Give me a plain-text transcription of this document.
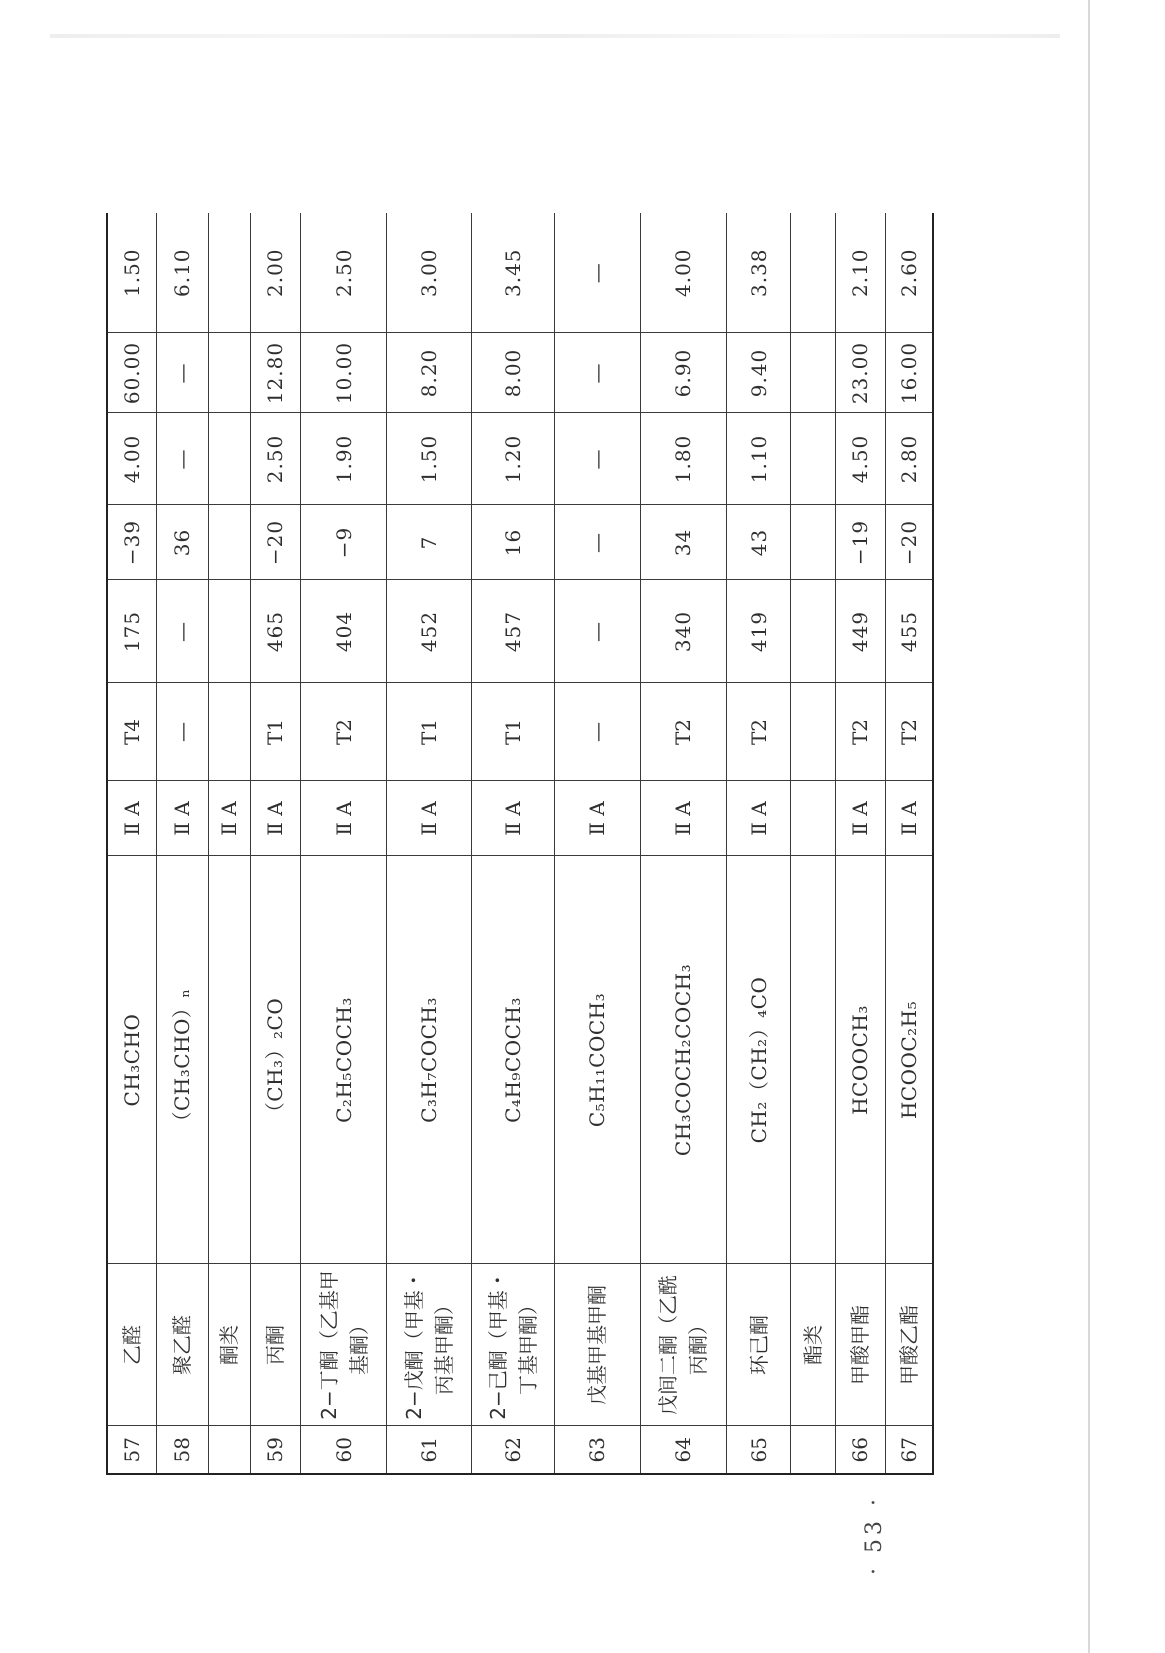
57	乙醛	CH₃CHO	Ⅱ A	T4	175	−39	4.00	60.00	1.50
58	聚乙醛	（CH₃CHO）ₙ	Ⅱ A	—	—	36	—	—	6.10
	酮类		Ⅱ A						
59	丙酮	（CH₃）₂CO	Ⅱ A	T1	465	−20	2.50	12.80	2.00
60	2−丁酮（乙基甲基酮）	C₂H₅COCH₃	Ⅱ A	T2	404	−9	1.90	10.00	2.50
61	2−戊酮（甲基・丙基甲酮）	C₃H₇COCH₃	Ⅱ A	T1	452	7	1.50	8.20	3.00
62	2−己酮（甲基・丁基甲酮）	C₄H₉COCH₃	Ⅱ A	T1	457	16	1.20	8.00	3.45
63	戊基甲基甲酮	C₅H₁₁COCH₃	Ⅱ A	—	—	—	—	—	—
64	戊间二酮（乙酰丙酮）	CH₃COCH₂COCH₃	Ⅱ A	T2	340	34	1.80	6.90	4.00
65	环己酮	CH₂（CH₂）₄CO	Ⅱ A	T2	419	43	1.10	9.40	3.38
	酯类								
66	甲酸甲酯	HCOOCH₃	Ⅱ A	T2	449	−19	4.50	23.00	2.10
67	甲酸乙酯	HCOOC₂H₅	Ⅱ A	T2	455	−20	2.80	16.00	2.60
· 53 ·
